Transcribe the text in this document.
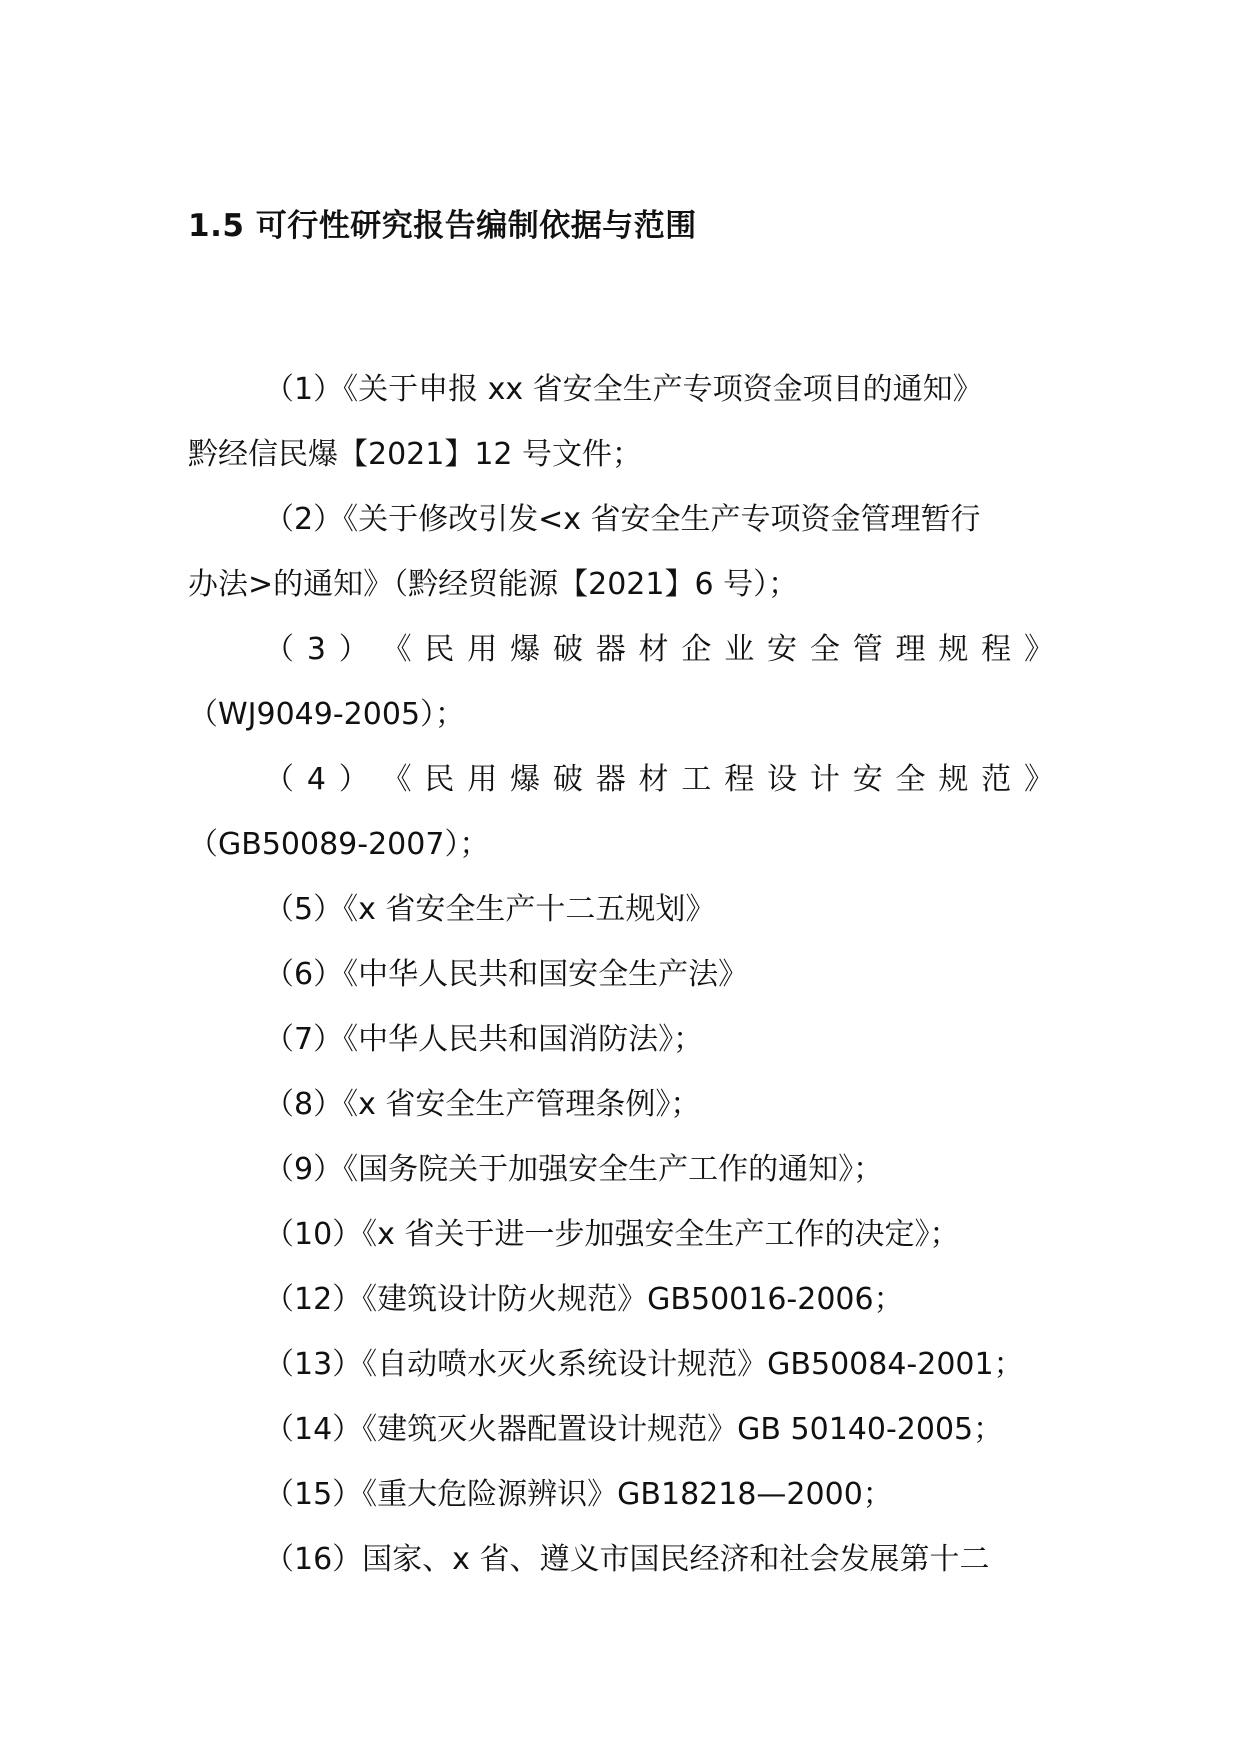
1.5 可行性研究报告编制依据与范围
（1）《关于申报 xx 省安全生产专项资金项目的通知》
黔经信民爆【2021】12 号文件；
（2）《关于修改引发<x 省安全生产专项资金管理暂行
办法>的通知》（黔经贸能源【2021】6 号）；
（ 3 ） 《 民 用 爆 破 器 材 企 业 安 全 管 理 规 程 》
（WJ9049-2005）；
（ 4 ） 《 民 用 爆 破 器 材 工 程 设 计 安 全 规 范 》
（GB50089-2007）；
（5）《x 省安全生产十二五规划》
（6）《中华人民共和国安全生产法》
（7）《中华人民共和国消防法》；
（8）《x 省安全生产管理条例》；
（9）《国务院关于加强安全生产工作的通知》；
（10）《x 省关于进一步加强安全生产工作的决定》；
（12）《建筑设计防火规范》GB50016-2006；
（13）《自动喷水灭火系统设计规范》GB50084-2001；
（14）《建筑灭火器配置设计规范》GB 50140-2005；
（15）《重大危险源辨识》GB18218—2000；
（16）国家、x 省、遵义市国民经济和社会发展第十二
